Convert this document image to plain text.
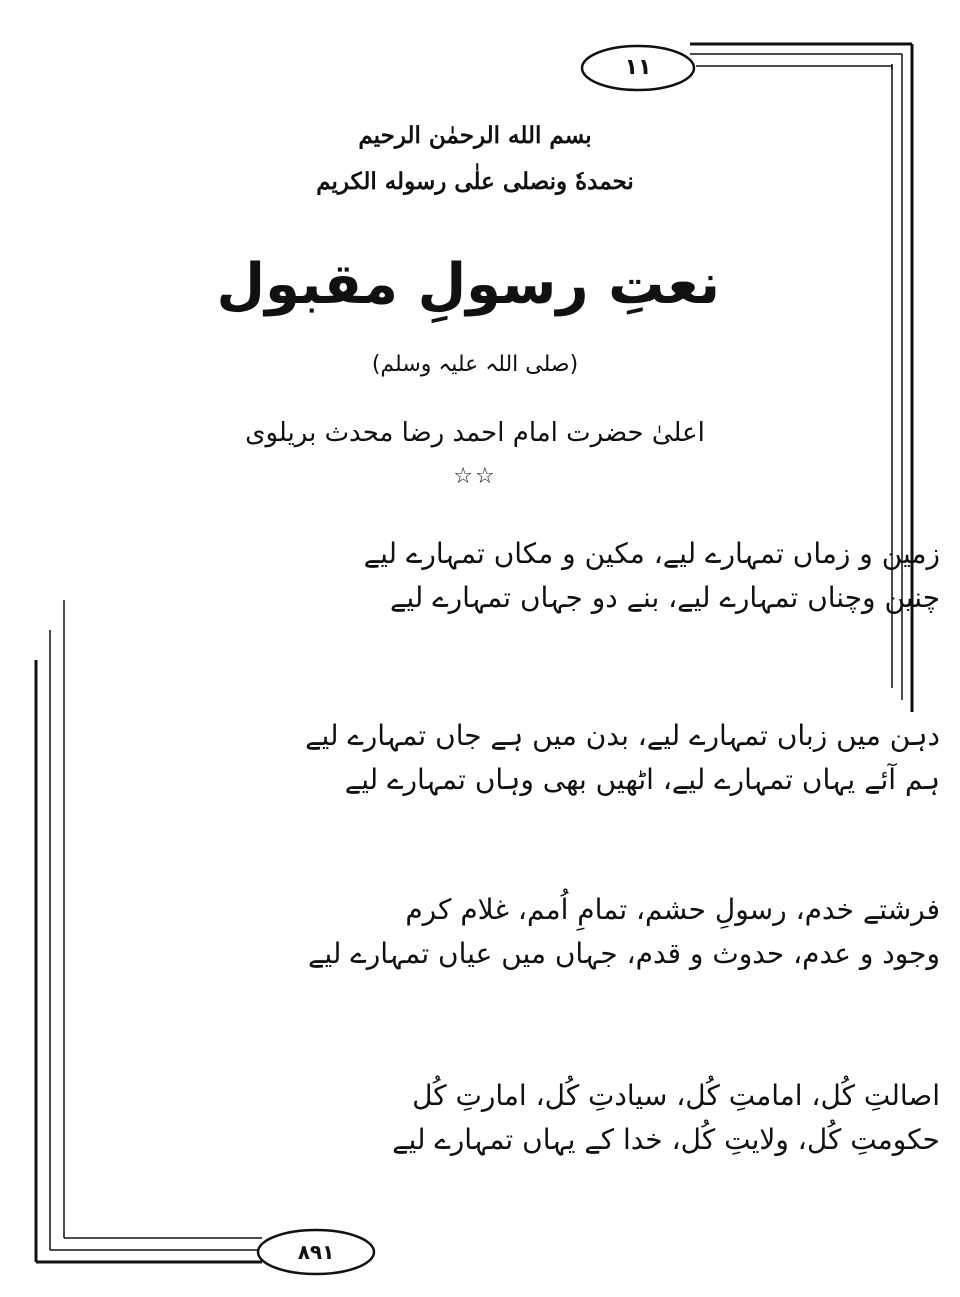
١١
۸۹۱
بسم الله الرحمٰن الرحیم
نحمدهٗ ونصلی علٰی رسوله الکریم
نعتِ رسولِ مقبول
(صلی اللہ علیہ وسلم)
اعلیٰ حضرت امام احمد رضا محدث بریلوی
☆☆
زمین و زماں تمہارے لیے، مکین و مکاں تمہارے لیے
چنین وچناں تمہارے لیے، بنے دو جہاں تمہارے لیے
دہن میں زباں تمہارے لیے، بدن میں ہے جاں تمہارے لیے
ہم آئے یہاں تمہارے لیے، اٹھیں بھی وہاں تمہارے لیے
فرشتے خدم، رسولِ حشم، تمامِ اُمم، غلام کرم
وجود و عدم، حدوث و قدم، جہاں میں عیاں تمہارے لیے
اصالتِ کُل، امامتِ کُل، سیادتِ کُل، امارتِ کُل
حکومتِ کُل، ولایتِ کُل، خدا کے یہاں تمہارے لیے
